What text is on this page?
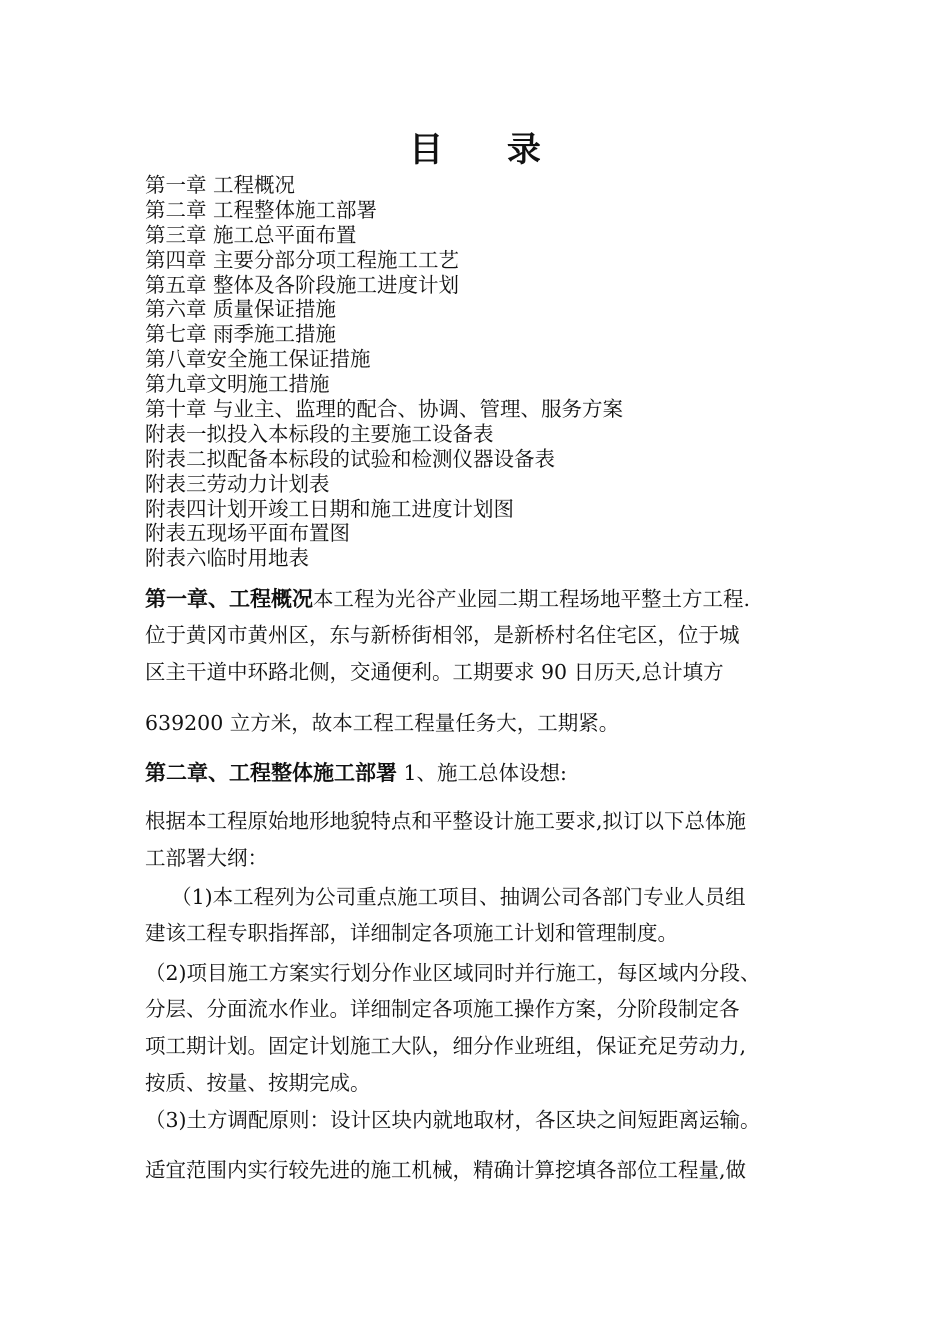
目 录
第一章 工程概况
第二章 工程整体施工部署
第三章 施工总平面布置
第四章 主要分部分项工程施工工艺
第五章 整体及各阶段施工进度计划
第六章 质量保证措施
第七章 雨季施工措施
第八章安全施工保证措施
第九章文明施工措施
第十章 与业主、监理的配合、协调、管理、服务方案
附表一拟投入本标段的主要施工设备表
附表二拟配备本标段的试验和检测仪器设备表
附表三劳动力计划表
附表四计划开竣工日期和施工进度计划图
附表五现场平面布置图
附表六临时用地表
第一章、工程概况本工程为光谷产业园二期工程场地平整土方工程.
位于黄冈市黄州区，东与新桥街相邻，是新桥村名住宅区，位于城
区主干道中环路北侧，交通便利。工期要求 90 日历天,总计填方
639200 立方米，故本工程工程量任务大，工期紧。
第二章、工程整体施工部署 1、施工总体设想:
根据本工程原始地形地貌特点和平整设计施工要求,拟订以下总体施
工部署大纲：
（1)本工程列为公司重点施工项目、抽调公司各部门专业人员组
建该工程专职指挥部，详细制定各项施工计划和管理制度。
（2)项目施工方案实行划分作业区域同时并行施工，每区域内分段、
分层、分面流水作业。详细制定各项施工操作方案，分阶段制定各
项工期计划。固定计划施工大队，细分作业班组，保证充足劳动力,
按质、按量、按期完成。
（3)土方调配原则：设计区块内就地取材，各区块之间短距离运输。
适宜范围内实行较先进的施工机械，精确计算挖填各部位工程量,做
